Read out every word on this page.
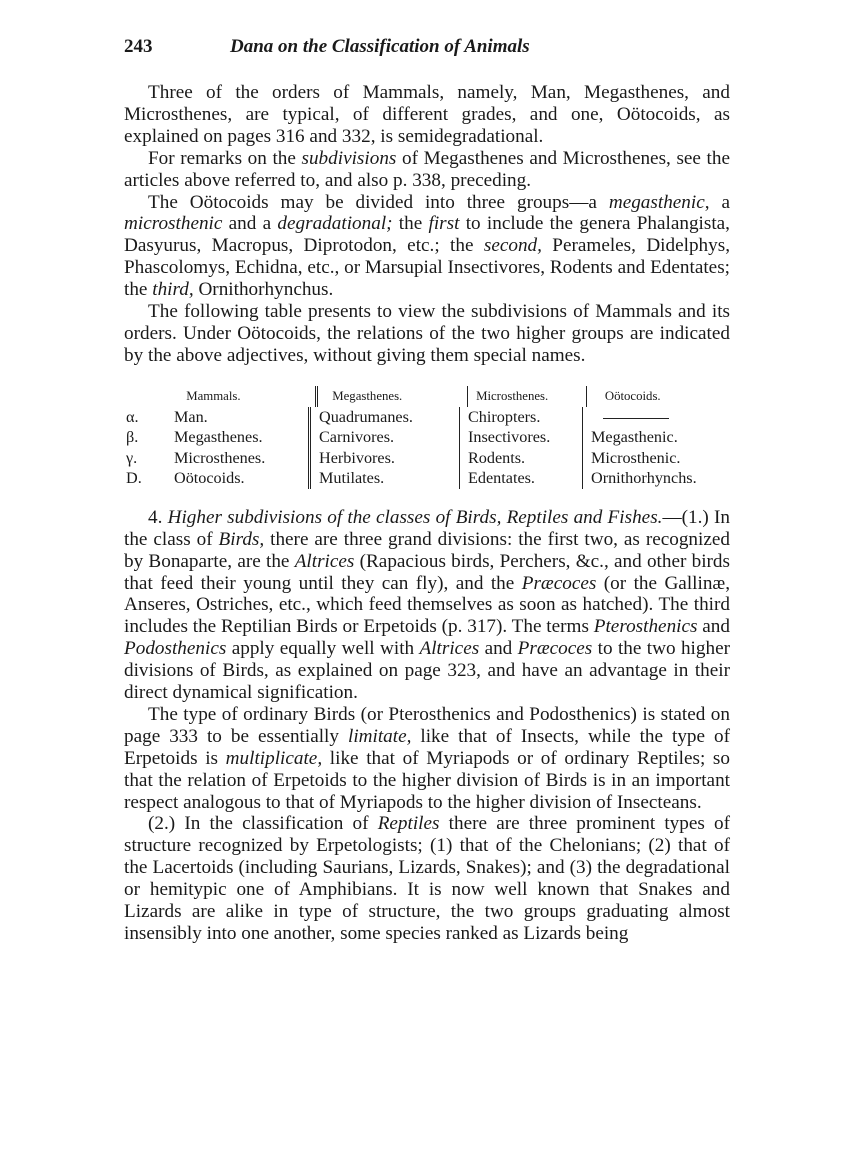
243	Dana on the Classification of Animals

Three of the orders of Mammals, namely, Man, Megasthenes, and Microsthenes, are typical, of different grades, and one, Oötocoids, as explained on pages 316 and 332, is semidegradational.

For remarks on the subdivisions of Megasthenes and Microsthenes, see the articles above referred to, and also p. 338, preceding.

The Oötocoids may be divided into three groups—a megasthenic, a microsthenic and a degradational; the first to include the genera Phalangista, Dasyurus, Macropus, Diprotodon, etc.; the second, Perameles, Didelphys, Phascolomys, Echidna, etc., or Marsupial Insectivores, Rodents and Edentates; the third, Ornithorhynchus.

The following table presents to view the subdivisions of Mammals and its orders. Under Oötocoids, the relations of the two higher groups are indicated by the above adjectives, without giving them special names.

Mammals.	Megasthenes.	Microsthenes.	Oötocoids.
α.	Man.	Quadrumanes.	Chiropters.
β.	Megasthenes.	Carnivores.	Insectivores.	Megasthenic.
γ.	Microsthenes.	Herbivores.	Rodents.	Microsthenic.
D.	Oötocoids.	Mutilates.	Edentates.	Ornithorhynchs.

4. Higher subdivisions of the classes of Birds, Reptiles and Fishes.—(1.) In the class of Birds, there are three grand divisions: the first two, as recognized by Bonaparte, are the Altrices (Rapacious birds, Perchers, &c., and other birds that feed their young until they can fly), and the Præcoces (or the Gallinæ, Anseres, Ostriches, etc., which feed themselves as soon as hatched). The third includes the Reptilian Birds or Erpetoids (p. 317). The terms Pterosthenics and Podosthenics apply equally well with Altrices and Præcoces to the two higher divisions of Birds, as explained on page 323, and have an advantage in their direct dynamical signification.

The type of ordinary Birds (or Pterosthenics and Podosthenics) is stated on page 333 to be essentially limitate, like that of Insects, while the type of Erpetoids is multiplicate, like that of Myriapods or of ordinary Reptiles; so that the relation of Erpetoids to the higher division of Birds is in an important respect analogous to that of Myriapods to the higher division of Insecteans.

(2.) In the classification of Reptiles there are three prominent types of structure recognized by Erpetologists; (1) that of the Chelonians; (2) that of the Lacertoids (including Saurians, Lizards, Snakes); and (3) the degradational or hemitypic one of Amphibians. It is now well known that Snakes and Lizards are alike in type of structure, the two groups graduating almost insensibly into one another, some species ranked as Lizards being
